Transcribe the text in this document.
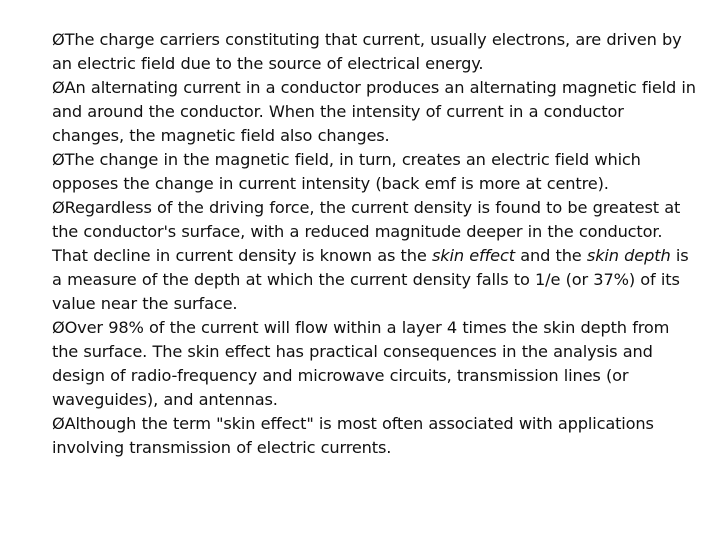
ØThe charge carriers constituting that current, usually electrons, are driven by an electric field due to the source of electrical energy.

ØAn alternating current in a conductor produces an alternating magnetic field in and around the conductor. When the intensity of current in a conductor changes, the magnetic field also changes.

ØThe change in the magnetic field, in turn, creates an electric field which opposes the change in current intensity (back emf is more at centre).

ØRegardless of the driving force, the current density is found to be greatest at the conductor's surface, with a reduced magnitude deeper in the conductor. That decline in current density is known as the skin effect and the skin depth is a measure of the depth at which the current density falls to 1/e (or 37%) of its value near the surface.

ØOver 98% of the current will flow within a layer 4 times the skin depth from the surface. The skin effect has practical consequences in the analysis and design of radio-frequency and microwave circuits, transmission lines (or waveguides), and antennas.

ØAlthough the term "skin effect" is most often associated with applications involving transmission of electric currents.
